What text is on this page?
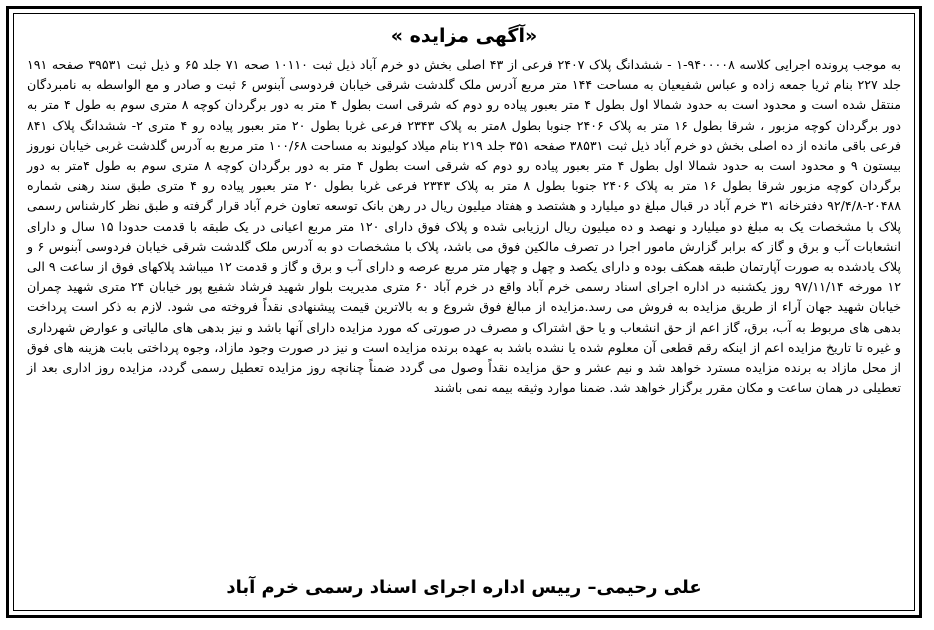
«آگهی مزایده »

به موجب پرونده اجرایی کلاسه ۹۴۰۰۰۰۸-۱ - ششدانگ پلاک ۲۴۰۷ فرعی از ۴۳ اصلی بخش دو خرم آباد ذیل ثبت ۱۰۱۱۰ صحه ۷۱ جلد ۶۵ و ذیل ثبت ۳۹۵۳۱ صفحه ۱۹۱ جلد ۲۲۷ بنام ثریا جمعه زاده و عباس شفیعیان به مساحت ۱۴۴ متر مربع آدرس ملک گلدشت شرقی خیابان فردوسی آبنوس ۶ ثبت و صادر و مع الواسطه به نامبردگان منتقل شده است و محدود است به حدود شمالا اول بطول ۴ متر بعبور پیاده رو دوم که شرقی است بطول ۴ متر به دور برگردان کوچه ۸ متری سوم به طول ۴ متر به دور برگردان کوچه مزبور ، شرقا بطول ۱۶ متر به پلاک ۲۴۰۶ جنوبا بطول ۸متر به پلاک ۲۳۴۳ فرعی غربا بطول ۲۰ متر بعبور پیاده رو ۴ متری ۲- ششدانگ پلاک ۸۴۱ فرعی باقی مانده از ده اصلی بخش دو خرم آباد ذیل ثبت ۳۸۵۳۱ صفحه ۳۵۱ جلد ۲۱۹ بنام میلاد کولیوند به مساحت ۱۰۰/۶۸ متر مربع به آدرس گلدشت غربی خیابان نوروز بیستون ۹ و محدود است به حدود شمالا اول بطول ۴ متر بعبور پیاده رو دوم که شرقی است بطول ۴ متر به دور برگردان کوچه ۸ متری سوم به طول ۴متر به دور برگردان کوچه مزبور شرقا بطول ۱۶ متر به پلاک ۲۴۰۶ جنوبا بطول ۸ متر به پلاک ۲۳۴۳ فرعی غربا بطول ۲۰ متر بعبور پیاده رو ۴ متری طبق سند رهنی شماره ۲۰۴۸۸-۹۲/۴/۸ دفترخانه ۳۱ خرم آباد در قبال مبلغ دو میلیارد و هشتصد و هفتاد میلیون ریال در رهن بانک توسعه تعاون خرم آباد قرار گرفته و طبق نظر کارشناس رسمی پلاک با مشخصات یک به مبلغ دو میلیارد و نهصد و ده میلیون ریال ارزیابی شده و پلاک فوق دارای ۱۲۰ متر مربع اعیانی در یک طبقه با قدمت حدودا ۱۵ سال و دارای انشعابات آب و برق و گاز که برابر گزارش مامور اجرا در تصرف مالکین فوق می باشد، پلاک با مشخصات دو به آدرس ملک گلدشت شرقی خیابان فردوسی آبنوس ۶ و پلاک یادشده به صورت آپارتمان طبقه همکف بوده و دارای یکصد و چهل و چهار متر مربع عرصه و دارای آب و برق و گاز و قدمت ۱۲ میباشد پلاکهای فوق از ساعت ۹ الی ۱۲ مورخه ۹۷/۱۱/۱۴ روز یکشنبه در اداره اجرای اسناد رسمی خرم آباد واقع در خرم آباد ۶۰ متری مدیریت بلوار شهید فرشاد شفیع پور خیابان ۲۴ متری شهید چمران خیابان شهید جهان آراء از طریق مزایده به فروش می رسد.مزایده از مبالغ فوق شروع و به بالاترین قیمت پیشنهادی نقداً فروخته می شود. لازم به ذکر است پرداخت بدهی های مربوط به آب، برق، گاز اعم از حق انشعاب و یا حق اشتراک و مصرف در صورتی که مورد مزایده دارای آنها باشد و نیز بدهی های مالیاتی و عوارض شهرداری و غیره تا تاریخ مزایده اعم از اینکه رقم قطعی آن معلوم شده یا نشده باشد به عهده برنده مزایده است و نیز در صورت وجود مازاد، وجوه پرداختی بابت هزینه های فوق از محل مازاد به برنده مزایده مسترد خواهد شد و نیم عشر و حق مزایده نقداً وصول می گردد ضمناً چنانچه روز مزایده تعطیل رسمی گردد، مزایده روز اداری بعد از تعطیلی در همان ساعت و مکان مقرر برگزار خواهد شد. ضمنا موارد وثیقه بیمه نمی باشند

علی رحیمی– رییس اداره اجرای اسناد رسمی خرم آباد
